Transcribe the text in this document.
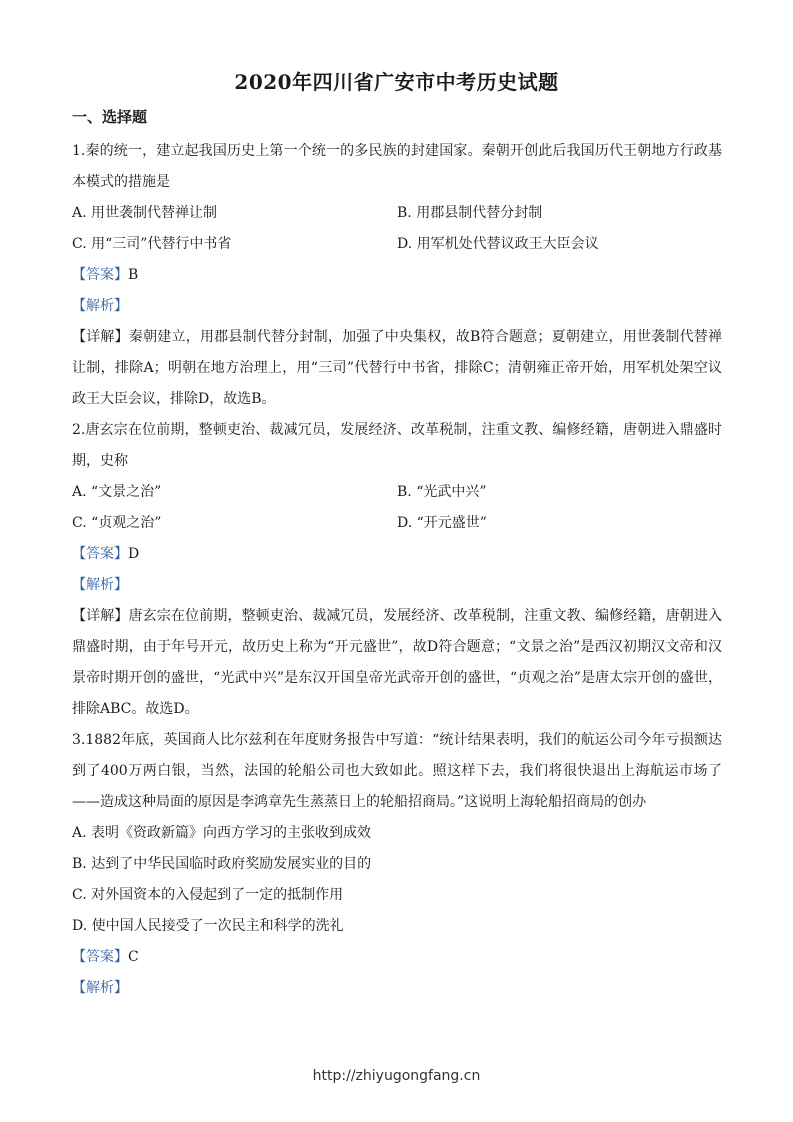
2020年四川省广安市中考历史试题
一、选择题
1.秦的统一，建立起我国历史上第一个统一的多民族的封建国家。秦朝开创此后我国历代王朝地方行政基本模式的措施是
A. 用世袭制代替禅让制	B. 用郡县制代替分封制
C. 用“三司”代替行中书省	D. 用军机处代替议政王大臣会议
【答案】B
【解析】
【详解】秦朝建立，用郡县制代替分封制，加强了中央集权，故B符合题意；夏朝建立，用世袭制代替禅让制，排除A；明朝在地方治理上，用“三司”代替行中书省，排除C；清朝雍正帝开始，用军机处架空议政王大臣会议，排除D，故选B。
2.唐玄宗在位前期，整顿吏治、裁减冗员，发展经济、改革税制，注重文教、编修经籍，唐朝进入鼎盛时期，史称
A. “文景之治”	B. “光武中兴”
C. “贞观之治”	D. “开元盛世”
【答案】D
【解析】
【详解】唐玄宗在位前期，整顿吏治、裁减冗员，发展经济、改革税制，注重文教、编修经籍，唐朝进入鼎盛时期，由于年号开元，故历史上称为“开元盛世”，故D符合题意；“文景之治”是西汉初期汉文帝和汉景帝时期开创的盛世，“光武中兴”是东汉开国皇帝光武帝开创的盛世，“贞观之治”是唐太宗开创的盛世，排除ABC。故选D。
3.1882年底，英国商人比尔兹利在年度财务报告中写道：“统计结果表明，我们的航运公司今年亏损额达到了400万两白银，当然，法国的轮船公司也大致如此。照这样下去，我们将很快退出上海航运市场了——造成这种局面的原因是李鸿章先生蒸蒸日上的轮船招商局。”这说明上海轮船招商局的创办
A. 表明《资政新篇》向西方学习的主张收到成效
B. 达到了中华民国临时政府奖励发展实业的目的
C. 对外国资本的入侵起到了一定的抵制作用
D. 使中国人民接受了一次民主和科学的洗礼
【答案】C
【解析】
http://zhiyugongfang.cn
